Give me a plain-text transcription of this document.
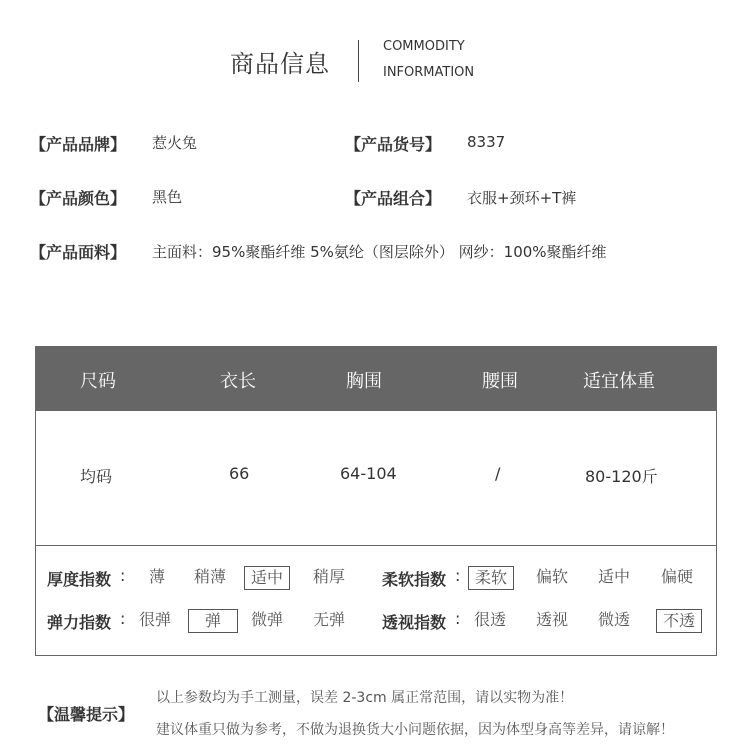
商品信息
COMMODITY
INFORMATION
【产品品牌】 惹火兔	【产品货号】 8337
【产品颜色】 黑色	【产品组合】 衣服+颈环+T裤
【产品面料】 主面料：95%聚酯纤维 5%氨纶（图层除外） 网纱：100%聚酯纤维
尺码	衣长	胸围	腰围	适宜体重
均码	66	64-104	/	80-120斤
厚度指数 : 薄 稍薄	适中	稍厚 柔软指数 : 柔软	偏软 适中 偏硬
弹力指数 : 很弹	弹	微弹 无弹 透视指数 : 很透 透视 微透	不透
【温馨提示】
以上参数均为手工测量，误差 2-3cm 属正常范围，请以实物为准！
建议体重只做为参考，不做为退换货大小问题依据，因为体型身高等差异，请谅解！
